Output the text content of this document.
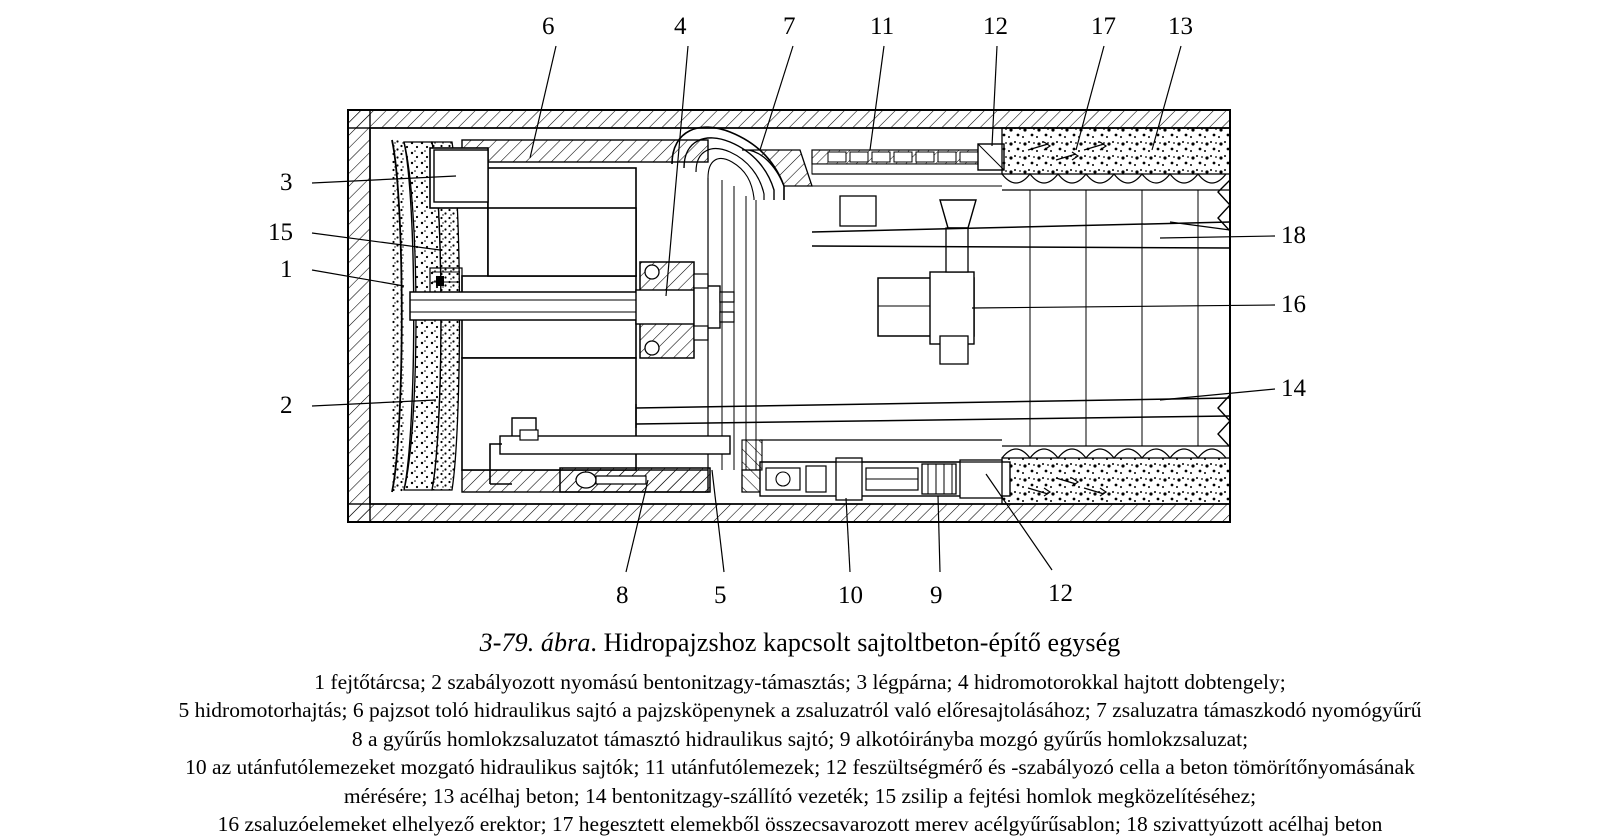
6	4	7	11	12	17 13
3
15
1
2
18
16
14
8	5	10	9	12
3-79. ábra. Hidropajzshoz kapcsolt sajtoltbeton-építő egység
1 fejtőtárcsa; 2 szabályozott nyomású bentonitzagy-támasztás; 3 légpárna; 4 hidromotorokkal hajtott dobtengely;
5 hidromotorhajtás; 6 pajzsot toló hidraulikus sajtó a pajzsköpenynek a zsaluzatról való előresajtolásához; 7 zsaluzatra támaszkodó nyomógyűrű
8 a gyűrűs homlokzsaluzatot támasztó hidraulikus sajtó; 9 alkotóirányba mozgó gyűrűs homlokzsaluzat;
10 az utánfutólemezeket mozgató hidraulikus sajtók; 11 utánfutólemezek; 12 feszültségmérő és -szabályozó cella a beton tömörítőnyomásának
mérésére; 13 acélhaj beton; 14 bentonitzagy-szállító vezeték; 15 zsilip a fejtési homlok megközelítéséhez;
16 zsaluzóelemeket elhelyező erektor; 17 hegesztett elemekből összecsavarozott merev acélgyűrűsablon; 18 szivattyúzott acélhaj beton
